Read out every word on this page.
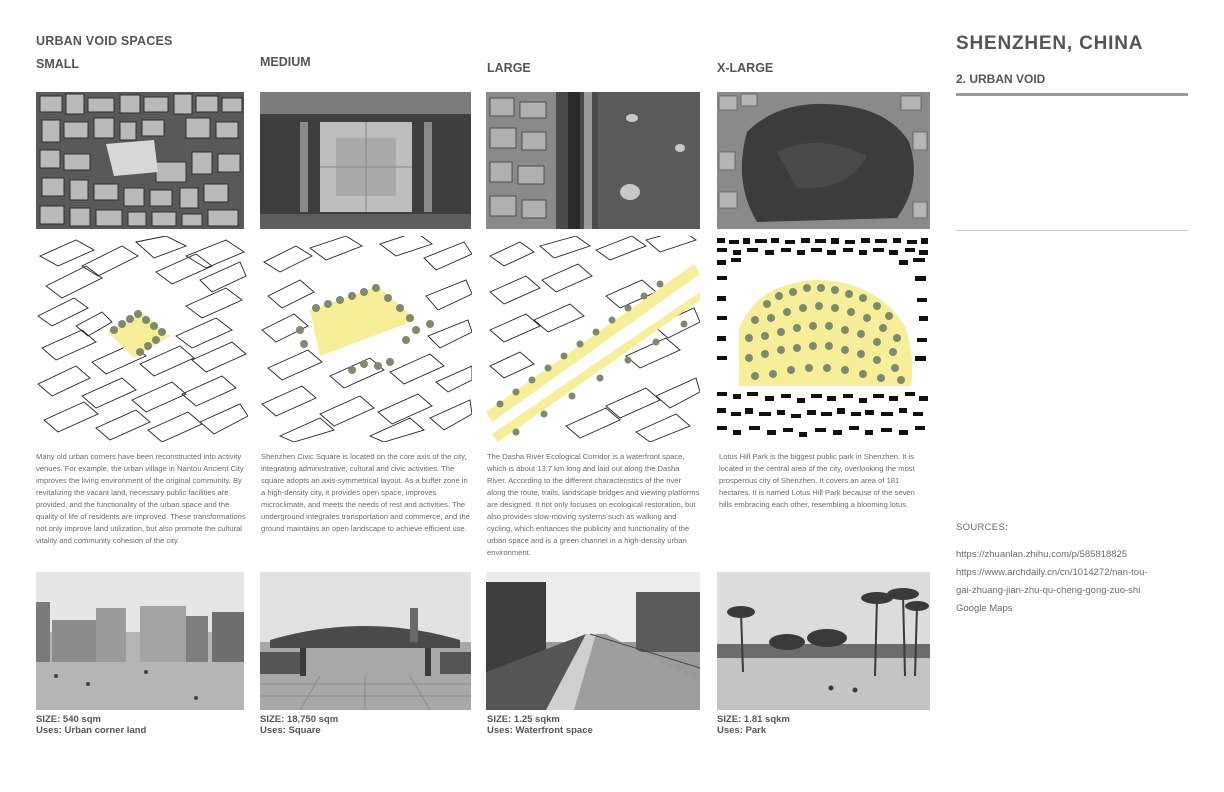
URBAN VOID SPACES
SMALL	MEDIUM	LARGE	X-LARGE
Many old urban corners have been reconstructed into activity venues. For example, the urban village in Nantou Ancient City improves the living environment of the original community. By revitalizing the vacant land, necessary public facilities are provided, and the functionality of the urban space and the quality of life of residents are improved. These transformations not only improve land utilization, but also promote the cultural vitality and community cohesion of the city.
SIZE: 540 sqm
Uses: Urban corner land
Shenzhen Civic Square is located on the core axis of the city, integrating administrative, cultural and civic activities. The square adopts an axis-symmetrical layout. As a buffer zone in a high-density city, it provides open space, improves microclimate, and meets the needs of rest and activities. The underground integrates transportation and commerce, and the ground maintains an open landscape to achieve efficient use.
SIZE: 18,750 sqm
Uses: Square
The Dasha River Ecological Corridor is a waterfront space, which is about 13.7 km long and laid out along the Dasha River. According to the different characteristics of the river along the route, trails, landscape bridges and viewing platforms are designed. It not only focuses on ecological restoration, but also provides slow-moving systems such as walking and cycling, which enhances the publicity and functionality of the urban space and is a green channel in a high-density urban environment.
SIZE: 1.25 sqkm
Uses: Waterfront space
Lotus Hill Park is the biggest public park in Shenzhen. It is located in the central area of the city, overlooking the most prosperous city of Shenzhen. It covers an area of 181 hectares. It is named Lotus Hill Park because of the seven hills embracing each other, resembling a blooming lotus.
SIZE: 1.81 sqkm
Uses: Park
SHENZHEN, CHINA
2. URBAN VOID
SOURCES:
https://zhuanlan.zhihu.com/p/585818825
https://www.archdaily.cn/cn/1014272/nan-tou-
gai-zhuang-jian-zhu-qu-cheng-gong-zuo-shi
Google Maps
